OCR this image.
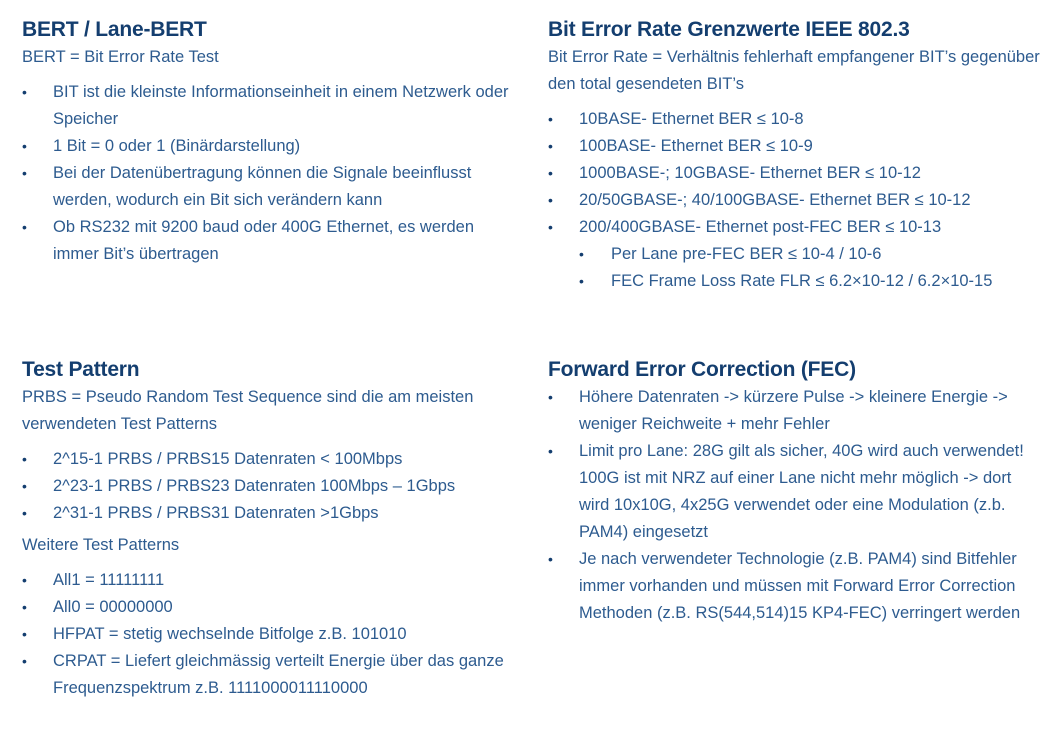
BERT / Lane-BERT

BERT = Bit Error Rate Test

• BIT ist die kleinste Informationseinheit in einem Netzwerk oder Speicher
• 1 Bit = 0 oder 1 (Binärdarstellung)
• Bei der Datenübertragung können die Signale beeinflusst werden, wodurch ein Bit sich verändern kann
• Ob RS232 mit 9200 baud oder 400G Ethernet, es werden immer Bit’s übertragen
Bit Error Rate Grenzwerte IEEE 802.3

Bit Error Rate = Verhältnis fehlerhaft empfangener BIT’s gegenüber den total gesendeten BIT’s

• 10BASE- Ethernet BER ≤ 10-8
• 100BASE- Ethernet BER ≤ 10-9
• 1000BASE-; 10GBASE- Ethernet BER ≤ 10-12
• 20/50GBASE-; 40/100GBASE- Ethernet BER ≤ 10-12
• 200/400GBASE- Ethernet post-FEC BER ≤ 10-13
• Per Lane pre-FEC BER ≤ 10-4 / 10-6
• FEC Frame Loss Rate FLR ≤ 6.2×10-12 / 6.2×10-15
Test Pattern

PRBS = Pseudo Random Test Sequence sind die am meisten verwendeten Test Patterns

• 2^15-1 PRBS / PRBS15 Datenraten < 100Mbps
• 2^23-1 PRBS / PRBS23 Datenraten 100Mbps – 1Gbps
• 2^31-1 PRBS / PRBS31 Datenraten >1Gbps
Weitere Test Patterns
• All1 = 11111111
• All0 = 00000000
• HFPAT = stetig wechselnde Bitfolge z.B. 101010
• CRPAT = Liefert gleichmässig verteilt Energie über das ganze Frequenzspektrum z.B. 1111000011110000
Forward Error Correction (FEC)
• Höhere Datenraten -> kürzere Pulse -> kleinere Energie -> weniger Reichweite + mehr Fehler
• Limit pro Lane: 28G gilt als sicher, 40G wird auch verwendet! 100G ist mit NRZ auf einer Lane nicht mehr möglich -> dort wird 10x10G, 4x25G verwendet oder eine Modulation (z.b. PAM4) eingesetzt
• Je nach verwendeter Technologie (z.B. PAM4) sind Bitfehler immer vorhanden und müssen mit Forward Error Correction Methoden (z.B. RS(544,514)15 KP4-FEC) verringert werden
